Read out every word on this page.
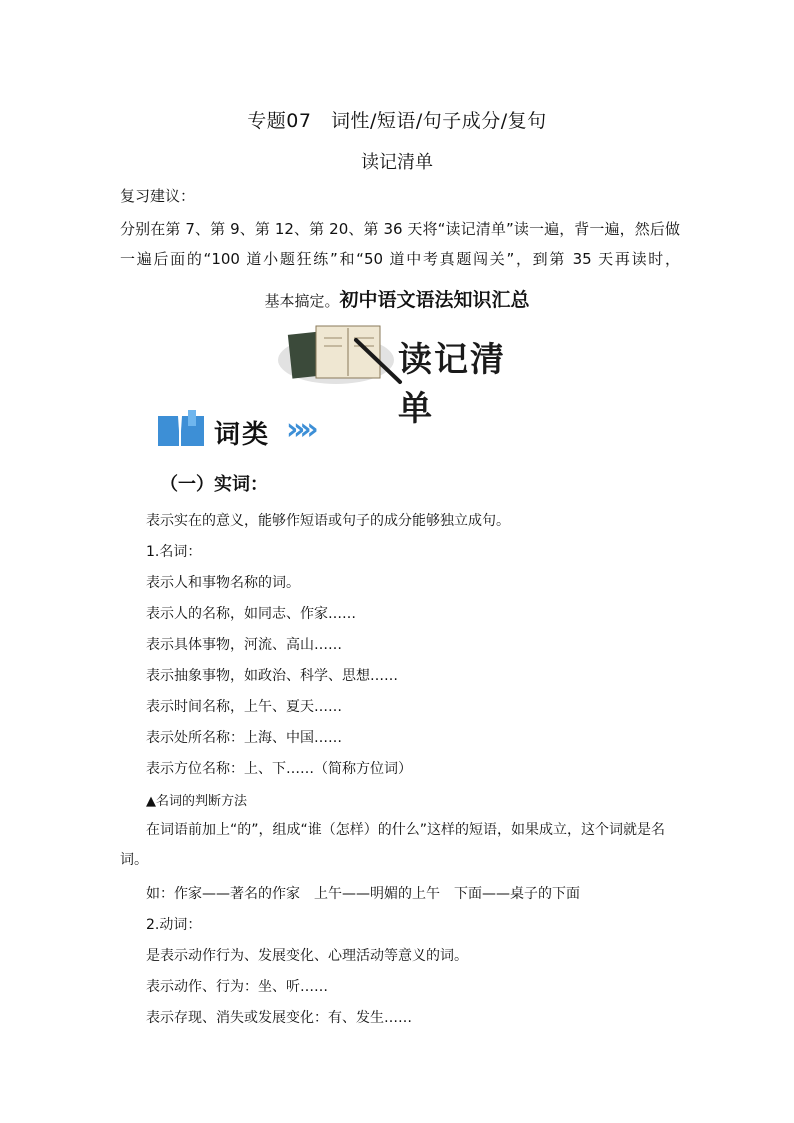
专题07　词性/短语/句子成分/复句
读记清单
复习建议：
分别在第 7、第 9、第 12、第 20、第 36 天将“读记清单”读一遍，背一遍，然后做一遍后面的“100 道小题狂练”和“50 道中考真题闯关”，到第 35 天再读时，
基本搞定。初中语文语法知识汇总
读记清单
词类 »»
（一）实词：
表示实在的意义，能够作短语或句子的成分能够独立成句。
1.名词：
表示人和事物名称的词。
表示人的名称，如同志、作家……
表示具体事物，河流、高山……
表示抽象事物，如政治、科学、思想……
表示时间名称，上午、夏天……
表示处所名称：上海、中国……
表示方位名称：上、下……（简称方位词）
▲名词的判断方法
在词语前加上“的”，组成“谁（怎样）的什么”这样的短语，如果成立，这个词就是名词。
如：作家——著名的作家　上午——明媚的上午　下面——桌子的下面
2.动词：
是表示动作行为、发展变化、心理活动等意义的词。
表示动作、行为：坐、听……
表示存现、消失或发展变化：有、发生……
